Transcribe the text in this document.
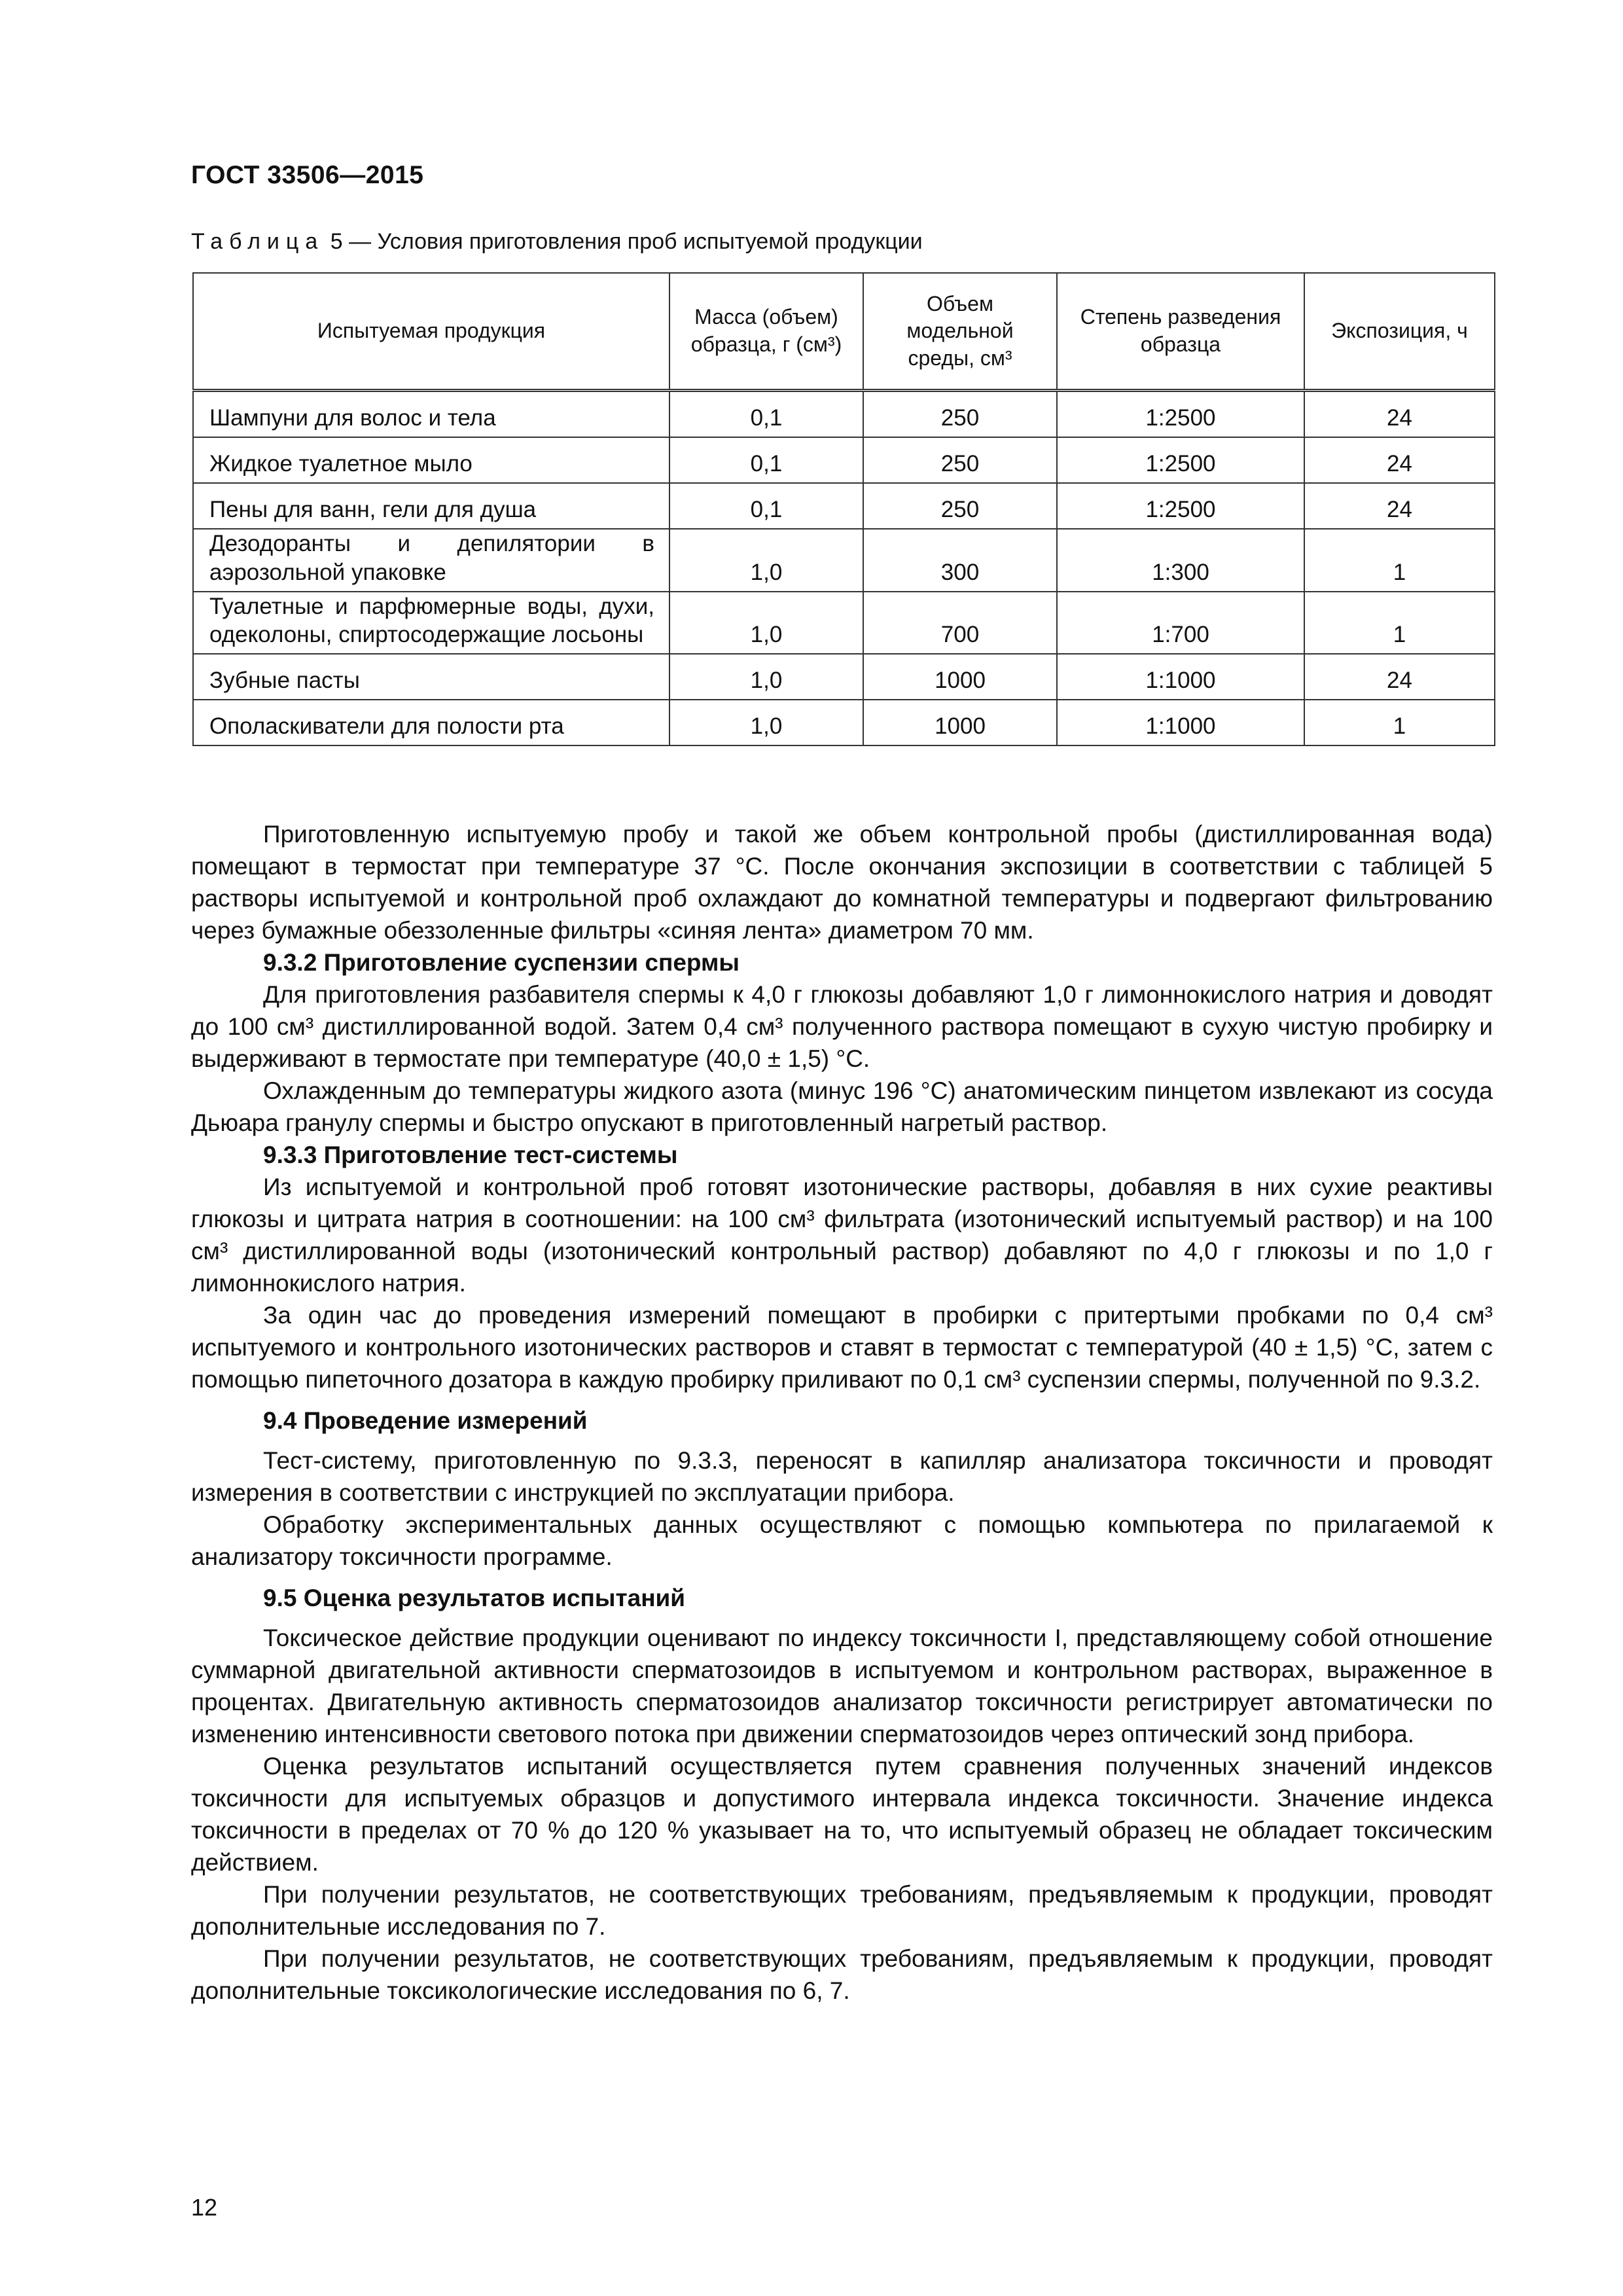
ГОСТ 33506—2015
Таблица 5 — Условия приготовления проб испытуемой продукции
Испытуемая продукция	Масса (объем) образца, г (см³)	Объем модельной среды, см³	Степень разведения образца	Экспозиция, ч
Шампуни для волос и тела	0,1	250	1:2500	24
Жидкое туалетное мыло	0,1	250	1:2500	24
Пены для ванн, гели для душа	0,1	250	1:2500	24
Дезодоранты и депилятории в аэрозольной упаковке	1,0	300	1:300	1
Туалетные и парфюмерные воды, духи, одеколоны, спиртосодержащие лосьоны	1,0	700	1:700	1
Зубные пасты	1,0	1000	1:1000	24
Ополаскиватели для полости рта	1,0	1000	1:1000	1

Приготовленную испытуемую пробу и такой же объем контрольной пробы (дистиллированная вода) помещают в термостат при температуре 37 °С. После окончания экспозиции в соответствии с таблицей 5 растворы испытуемой и контрольной проб охлаждают до комнатной температуры и подвергают фильтрованию через бумажные обеззоленные фильтры «синяя лента» диаметром 70 мм.

9.3.2 Приготовление суспензии спермы

Для приготовления разбавителя спермы к 4,0 г глюкозы добавляют 1,0 г лимоннокислого натрия и доводят до 100 см³ дистиллированной водой. Затем 0,4 см³ полученного раствора помещают в сухую чистую пробирку и выдерживают в термостате при температуре (40,0 ± 1,5) °С.

Охлажденным до температуры жидкого азота (минус 196 °С) анатомическим пинцетом извлекают из сосуда Дьюара гранулу спермы и быстро опускают в приготовленный нагретый раствор.

9.3.3 Приготовление тест-системы

Из испытуемой и контрольной проб готовят изотонические растворы, добавляя в них сухие реактивы глюкозы и цитрата натрия в соотношении: на 100 см³ фильтрата (изотонический испытуемый раствор) и на 100 см³ дистиллированной воды (изотонический контрольный раствор) добавляют по 4,0 г глюкозы и по 1,0 г лимоннокислого натрия.

За один час до проведения измерений помещают в пробирки с притертыми пробками по 0,4 см³ испытуемого и контрольного изотонических растворов и ставят в термостат с температурой (40 ± 1,5) °С, затем с помощью пипеточного дозатора в каждую пробирку приливают по 0,1 см³ суспензии спермы, полученной по 9.3.2.

9.4 Проведение измерений

Тест-систему, приготовленную по 9.3.3, переносят в капилляр анализатора токсичности и проводят измерения в соответствии с инструкцией по эксплуатации прибора.

Обработку экспериментальных данных осуществляют с помощью компьютера по прилагаемой к анализатору токсичности программе.

9.5 Оценка результатов испытаний

Токсическое действие продукции оценивают по индексу токсичности I, представляющему собой отношение суммарной двигательной активности сперматозоидов в испытуемом и контрольном растворах, выраженное в процентах. Двигательную активность сперматозоидов анализатор токсичности регистрирует автоматически по изменению интенсивности светового потока при движении сперматозоидов через оптический зонд прибора.

Оценка результатов испытаний осуществляется путем сравнения полученных значений индексов токсичности для испытуемых образцов и допустимого интервала индекса токсичности. Значение индекса токсичности в пределах от 70 % до 120 % указывает на то, что испытуемый образец не обладает токсическим действием.

При получении результатов, не соответствующих требованиям, предъявляемым к продукции, проводят дополнительные исследования по 7.

При получении результатов, не соответствующих требованиям, предъявляемым к продукции, проводят дополнительные токсикологические исследования по 6, 7.

12
